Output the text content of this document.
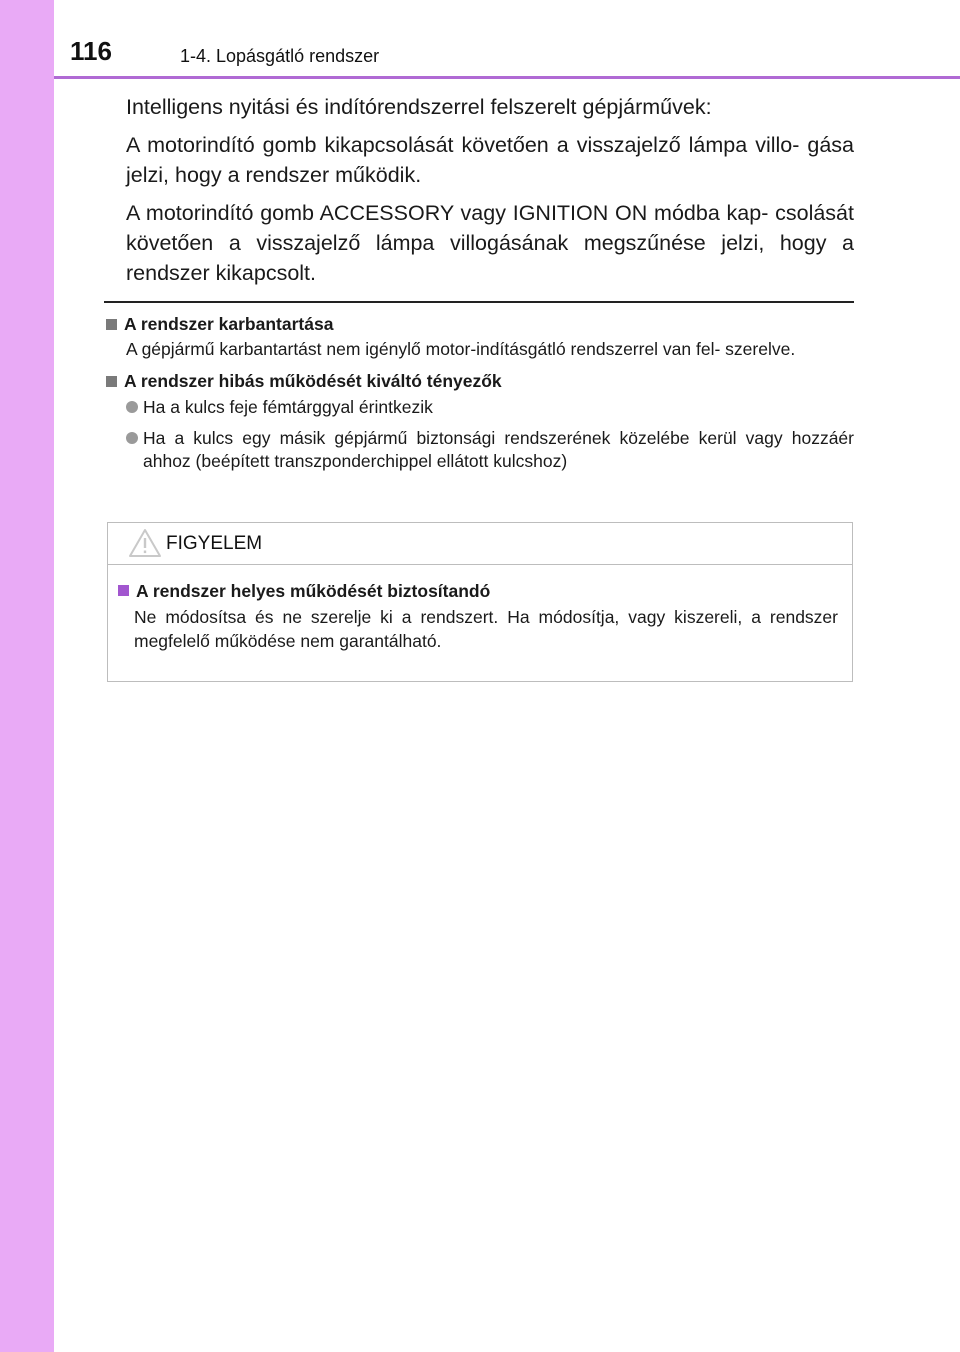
116	1-4. Lopásgátló rendszer

Intelligens nyitási és indítórendszerrel felszerelt gépjárművek:

A motorindító gomb kikapcsolását követően a visszajelző lámpa villo- gása jelzi, hogy a rendszer működik.

A motorindító gomb ACCESSORY vagy IGNITION ON módba kap- csolását követően a visszajelző lámpa villogásának megszűnése jelzi, hogy a rendszer kikapcsolt.

A rendszer karbantartása

A gépjármű karbantartást nem igénylő motor-indításgátló rendszerrel van fel- szerelve.

A rendszer hibás működését kiváltó tényezők
Ha a kulcs feje fémtárggyal érintkezik
Ha a kulcs egy másik gépjármű biztonsági rendszerének közelébe kerül vagy hozzáér ahhoz (beépített transzponderchippel ellátott kulcshoz)
FIGYELEM
A rendszer helyes működését biztosítandó

Ne módosítsa és ne szerelje ki a rendszert. Ha módosítja, vagy kiszereli, a rendszer megfelelő működése nem garantálható.
